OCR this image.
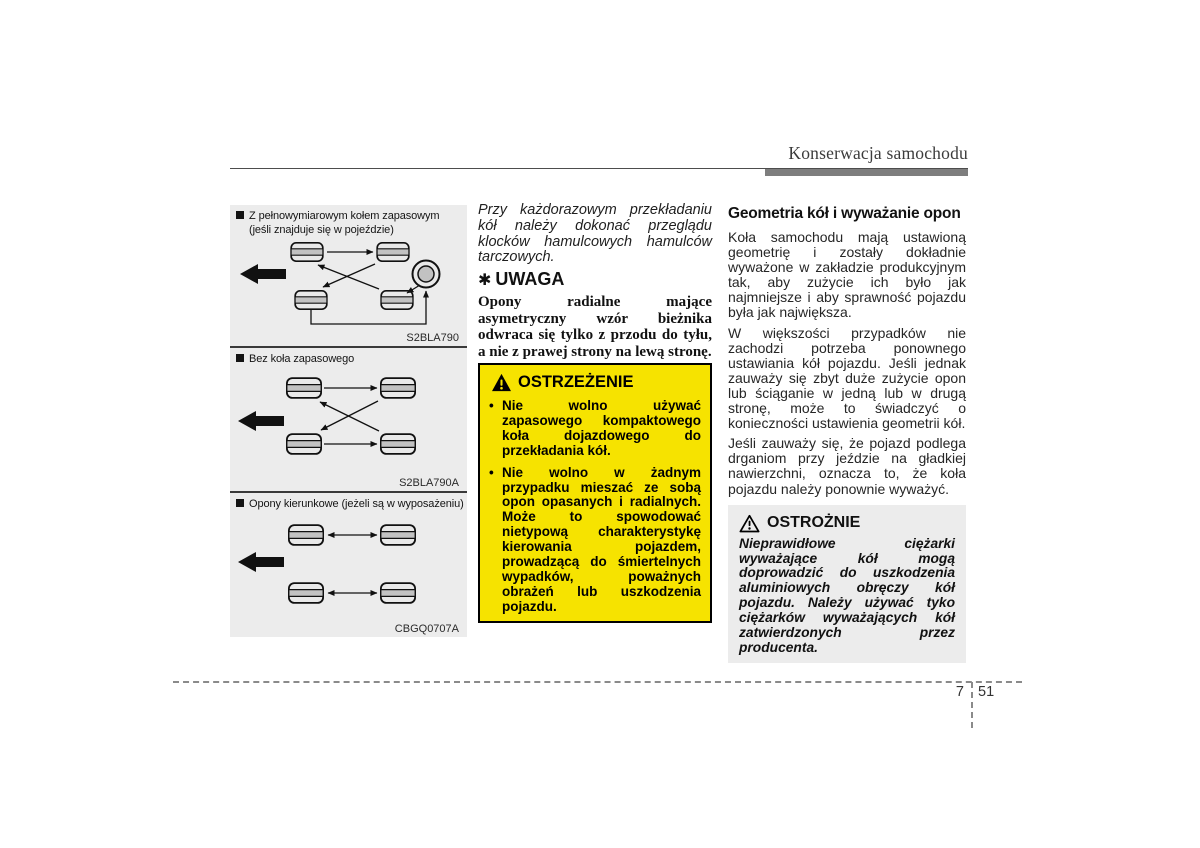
Konserwacja samochodu
Z pełnowymiarowym kołem zapasowym
(jeśli znajduje się w pojeździe)
S2BLA790
Bez koła zapasowego
S2BLA790A
Opony kierunkowe (jeżeli są w wyposażeniu)
CBGQ0707A

Przy każdorazowym przekładaniu kół należy dokonać przeglądu klocków hamulcowych hamulców tarczowych.

✱ UWAGA

Opony radialne mające asymetryczny wzór bieżnika odwraca się tylko z przodu do tyłu, a nie z prawej strony na lewą stronę.

OSTRZEŻENIE
• Nie wolno używać zapasowego kompaktowego koła dojazdowego do przekładania kół.
• Nie wolno w żadnym przypadku mieszać ze sobą opon opasanych i radialnych. Może to spowodować nietypową charakterystykę kierowania pojazdem, prowadzącą do śmiertelnych wypadków, poważnych obrażeń lub uszkodzenia pojazdu.
Geometria kół i wyważanie opon

Koła samochodu mają ustawioną geometrię i zostały dokładnie wyważone w zakładzie produkcyjnym tak, aby zużycie ich było jak najmniejsze i aby sprawność pojazdu była jak największa.

W większości przypadków nie zachodzi potrzeba ponownego ustawiania kół pojazdu. Jeśli jednak zauważy się zbyt duże zużycie opon lub ściąganie w jedną lub w drugą stronę, może to świadczyć o konieczności ustawienia geometrii kół.

Jeśli zauważy się, że pojazd podlega drganiom przy jeździe na gładkiej nawierzchni, oznacza to, że koła pojazdu należy ponownie wyważyć.

OSTROŻNIE

Nieprawidłowe ciężarki wyważające kół mogą doprowadzić do uszkodzenia aluminiowych obręczy kół pojazdu. Należy używać tyko ciężarków wyważających kół zatwierdzonych przez producenta.

7 51
